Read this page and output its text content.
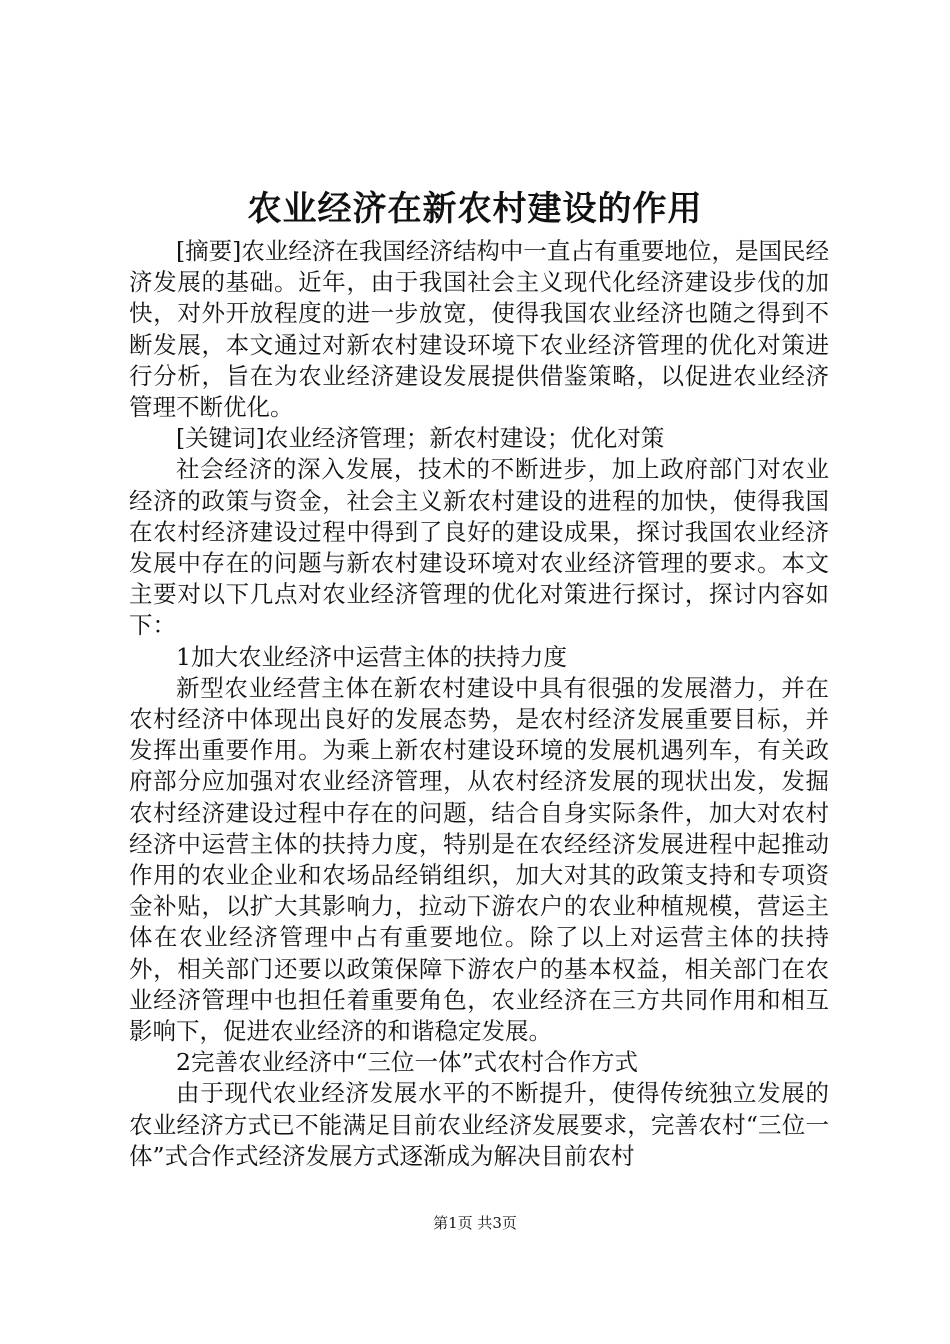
农业经济在新农村建设的作用

[摘要]农业经济在我国经济结构中一直占有重要地位，是国民经济发展的基础。近年，由于我国社会主义现代化经济建设步伐的加快，对外开放程度的进一步放宽，使得我国农业经济也随之得到不断发展，本文通过对新农村建设环境下农业经济管理的优化对策进行分析，旨在为农业经济建设发展提供借鉴策略，以促进农业经济管理不断优化。

[关键词]农业经济管理；新农村建设；优化对策

社会经济的深入发展，技术的不断进步，加上政府部门对农业经济的政策与资金，社会主义新农村建设的进程的加快，使得我国在农村经济建设过程中得到了良好的建设成果，探讨我国农业经济发展中存在的问题与新农村建设环境对农业经济管理的要求。本文主要对以下几点对农业经济管理的优化对策进行探讨，探讨内容如下：

1加大农业经济中运营主体的扶持力度

新型农业经营主体在新农村建设中具有很强的发展潜力，并在农村经济中体现出良好的发展态势，是农村经济发展重要目标，并发挥出重要作用。为乘上新农村建设环境的发展机遇列车，有关政府部分应加强对农业经济管理，从农村经济发展的现状出发，发掘农村经济建设过程中存在的问题，结合自身实际条件，加大对农村经济中运营主体的扶持力度，特别是在农经经济发展进程中起推动作用的农业企业和农场品经销组织，加大对其的政策支持和专项资金补贴，以扩大其影响力，拉动下游农户的农业种植规模，营运主体在农业经济管理中占有重要地位。除了以上对运营主体的扶持外，相关部门还要以政策保障下游农户的基本权益，相关部门在农业经济管理中也担任着重要角色，农业经济在三方共同作用和相互影响下，促进农业经济的和谐稳定发展。

2完善农业经济中“三位一体”式农村合作方式

由于现代农业经济发展水平的不断提升，使得传统独立发展的农业经济方式已不能满足目前农业经济发展要求，完善农村“三位一体”式合作式经济发展方式逐渐成为解决目前农村

第1页 共3页
